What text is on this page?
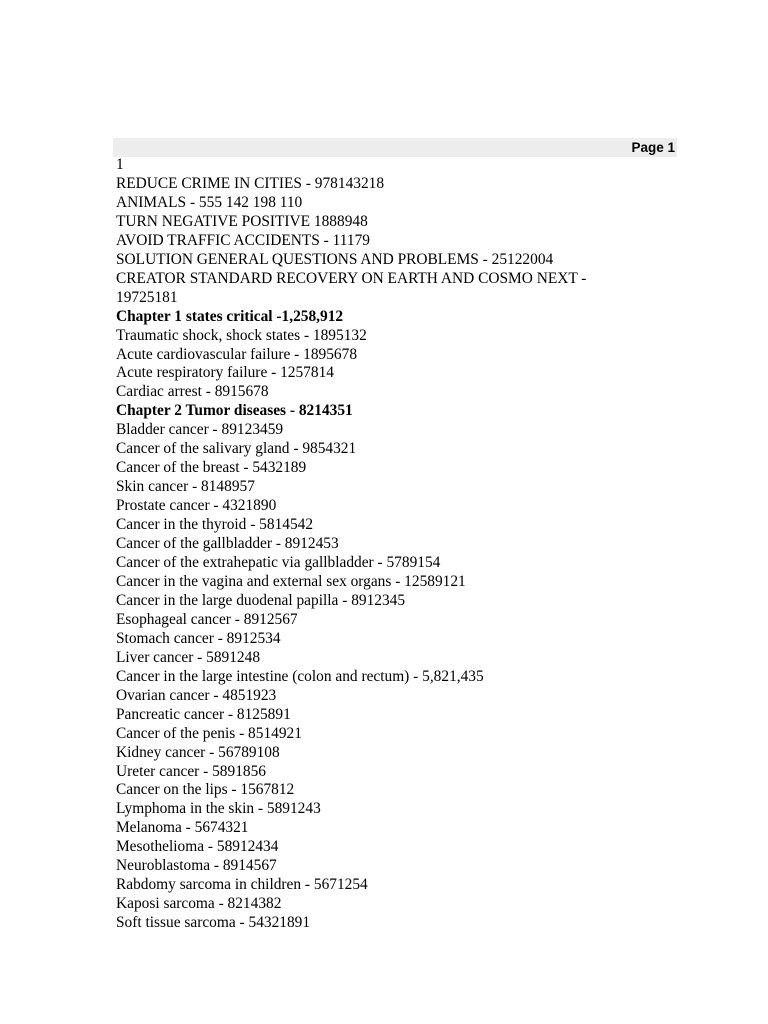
Page 1
1
REDUCE CRIME IN CITIES - 978143218
ANIMALS - 555 142 198 110
TURN NEGATIVE POSITIVE 1888948
AVOID TRAFFIC ACCIDENTS - 11179
SOLUTION GENERAL QUESTIONS AND PROBLEMS - 25122004
CREATOR STANDARD RECOVERY ON EARTH AND COSMO NEXT -
19725181
Chapter 1 states critical -1,258,912
Traumatic shock, shock states - 1895132
Acute cardiovascular failure - 1895678
Acute respiratory failure - 1257814
Cardiac arrest - 8915678
Chapter 2 Tumor diseases - 8214351
Bladder cancer - 89123459
Cancer of the salivary gland - 9854321
Cancer of the breast - 5432189
Skin cancer - 8148957
Prostate cancer - 4321890
Cancer in the thyroid - 5814542
Cancer of the gallbladder - 8912453
Cancer of the extrahepatic via gallbladder - 5789154
Cancer in the vagina and external sex organs - 12589121
Cancer in the large duodenal papilla - 8912345
Esophageal cancer - 8912567
Stomach cancer - 8912534
Liver cancer - 5891248
Cancer in the large intestine (colon and rectum) - 5,821,435
Ovarian cancer - 4851923
Pancreatic cancer - 8125891
Cancer of the penis - 8514921
Kidney cancer - 56789108
Ureter cancer - 5891856
Cancer on the lips - 1567812
Lymphoma in the skin - 5891243
Melanoma - 5674321
Mesothelioma - 58912434
Neuroblastoma - 8914567
Rabdomy sarcoma in children - 5671254
Kaposi sarcoma - 8214382
Soft tissue sarcoma - 54321891
